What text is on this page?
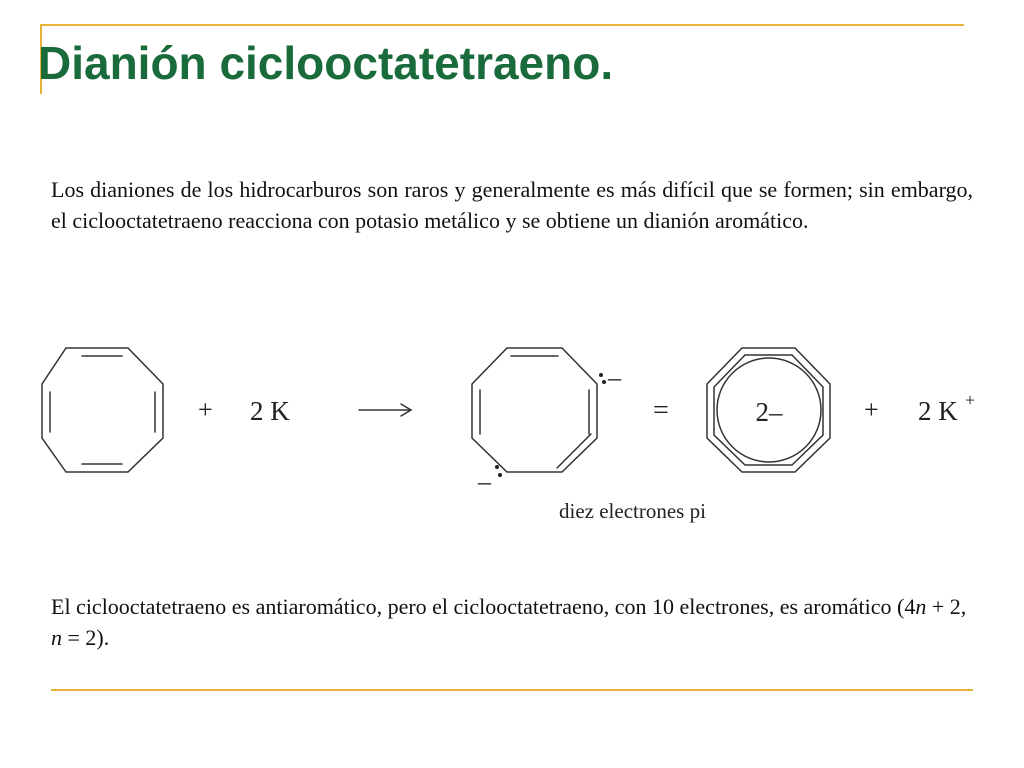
Dianión ciclooctatetraeno.

Los dianiones de los hidrocarburos son raros y generalmente es más difícil que se formen; sin embargo, el ciclooctatetraeno reacciona con potasio metálico y se obtiene un dianión aromático.

+ 2 K
–
–
=	2–	+ 2 K +
diez electrones pi

El ciclooctatetraeno es antiaromático, pero el ciclooctatetraeno, con 10 electrones, es aromático (4n + 2, n = 2).
